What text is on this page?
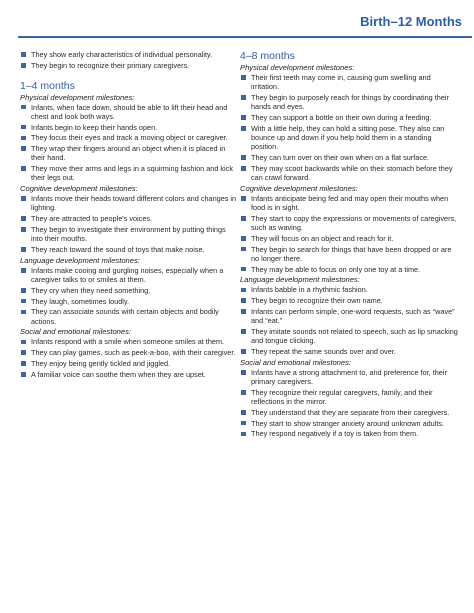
Birth–12 Months
They show early characteristics of individual personality.
They begin to recognize their primary caregivers.
1–4 months
Physical development milestones:
Infants, when face down, should be able to lift their head and chest and look both ways.
Infants begin to keep their hands open.
They focus their eyes and track a moving object or caregiver.
They wrap their fingers around an object when it is placed in their hand.
They move their arms and legs in a squirming fashion and kick their legs out.
Cognitive development milestones:
Infants move their heads toward different colors and changes in lighting.
They are attracted to people's voices.
They begin to investigate their environment by putting things into their mouths.
They reach toward the sound of toys that make noise.
Language development milestones:
Infants make cooing and gurgling noises, especially when a caregiver talks to or smiles at them.
They cry when they need something.
They laugh, sometimes loudly.
They can associate sounds with certain objects and bodily actions.
Social and emotional milestones:
Infants respond with a smile when someone smiles at them.
They can play games, such as peek-a-boo, with their caregiver.
They enjoy being gently tickled and jiggled.
A familiar voice can soothe them when they are upset.
4–8 months
Physical development milestones:
Their first teeth may come in, causing gum swelling and irritation.
They begin to purposely reach for things by coordinating their hands and eyes.
They can support a bottle on their own during a feeding.
With a little help, they can hold a sitting pose. They also can bounce up and down if you help hold them in a standing position.
They can turn over on their own when on a flat surface.
They may scoot backwards while on their stomach before they can crawl forward.
Cognitive development milestones:
Infants anticipate being fed and may open their mouths when food is in sight.
They start to copy the expressions or movements of caregivers, such as waving.
They will focus on an object and reach for it.
They begin to search for things that have been dropped or are no longer there.
They may be able to focus on only one toy at a time.
Language development milestones:
Infants babble in a rhythmic fashion.
They begin to recognize their own name.
Infants can perform simple, one-word requests, such as “wave” and “eat.”
They imitate sounds not related to speech, such as lip smacking and tongue clicking.
They repeat the same sounds over and over.
Social and emotional milestones:
Infants have a strong attachment to, and preference for, their primary caregivers.
They recognize their regular caregivers, family, and their reflections in the mirror.
They understand that they are separate from their caregivers.
They start to show stranger anxiety around unknown adults.
They respond negatively if a toy is taken from them.
